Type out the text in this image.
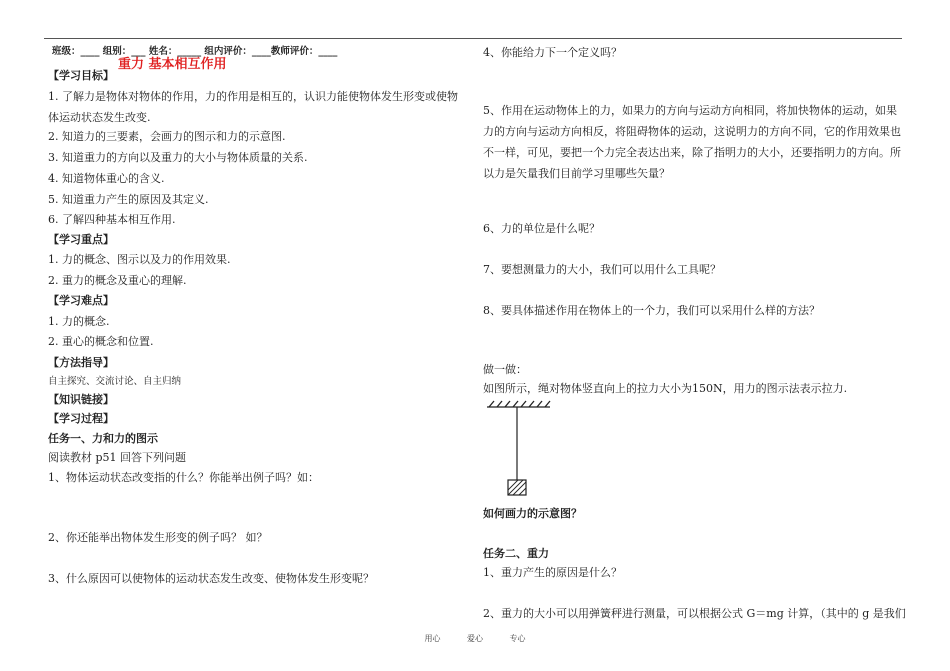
班级：____ 组别：___ 姓名：_____ 组内评价：____教师评价：____
重力 基本相互作用
【学习目标】
1. 了解力是物体对物体的作用，力的作用是相互的，认识力能使物体发生形变或使物体运动状态发生改变.
2. 知道力的三要素，会画力的图示和力的示意图.
3. 知道重力的方向以及重力的大小与物体质量的关系.
4. 知道物体重心的含义.
5. 知道重力产生的原因及其定义.
6. 了解四种基本相互作用.
【学习重点】
1. 力的概念、图示以及力的作用效果.
2. 重力的概念及重心的理解.
【学习难点】
1. 力的概念.
2. 重心的概念和位置.
【方法指导】
自主探究、交流讨论、自主归纳
【知识链接】
【学习过程】
任务一、力和力的图示
阅读教材 p51 回答下列问题
1、物体运动状态改变指的什么？你能举出例子吗？如：
2、你还能举出物体发生形变的例子吗？ 如？
3、什么原因可以使物体的运动状态发生改变、使物体发生形变呢？
4、你能给力下一个定义吗？
5、作用在运动物体上的力，如果力的方向与运动方向相同，将加快物体的运动，如果力的方向与运动方向相反，将阻碍物体的运动，这说明力的方向不同，它的作用效果也不一样，可见，要把一个力完全表达出来，除了指明力的大小，还要指明力的方向。所以力是矢量我们目前学习里哪些矢量？
6、力的单位是什么呢？
7、要想测量力的大小，我们可以用什么工具呢？
8、要具体描述作用在物体上的一个力，我们可以采用什么样的方法？
做一做：
如图所示，绳对物体竖直向上的拉力大小为150N，用力的图示法表示拉力.
如何画力的示意图？
任务二、重力
1、重力产生的原因是什么？
2、重力的大小可以用弹簧秤进行测量，可以根据公式 G＝mg 计算，（其中的 g 是我们
用心	爱心	专心
